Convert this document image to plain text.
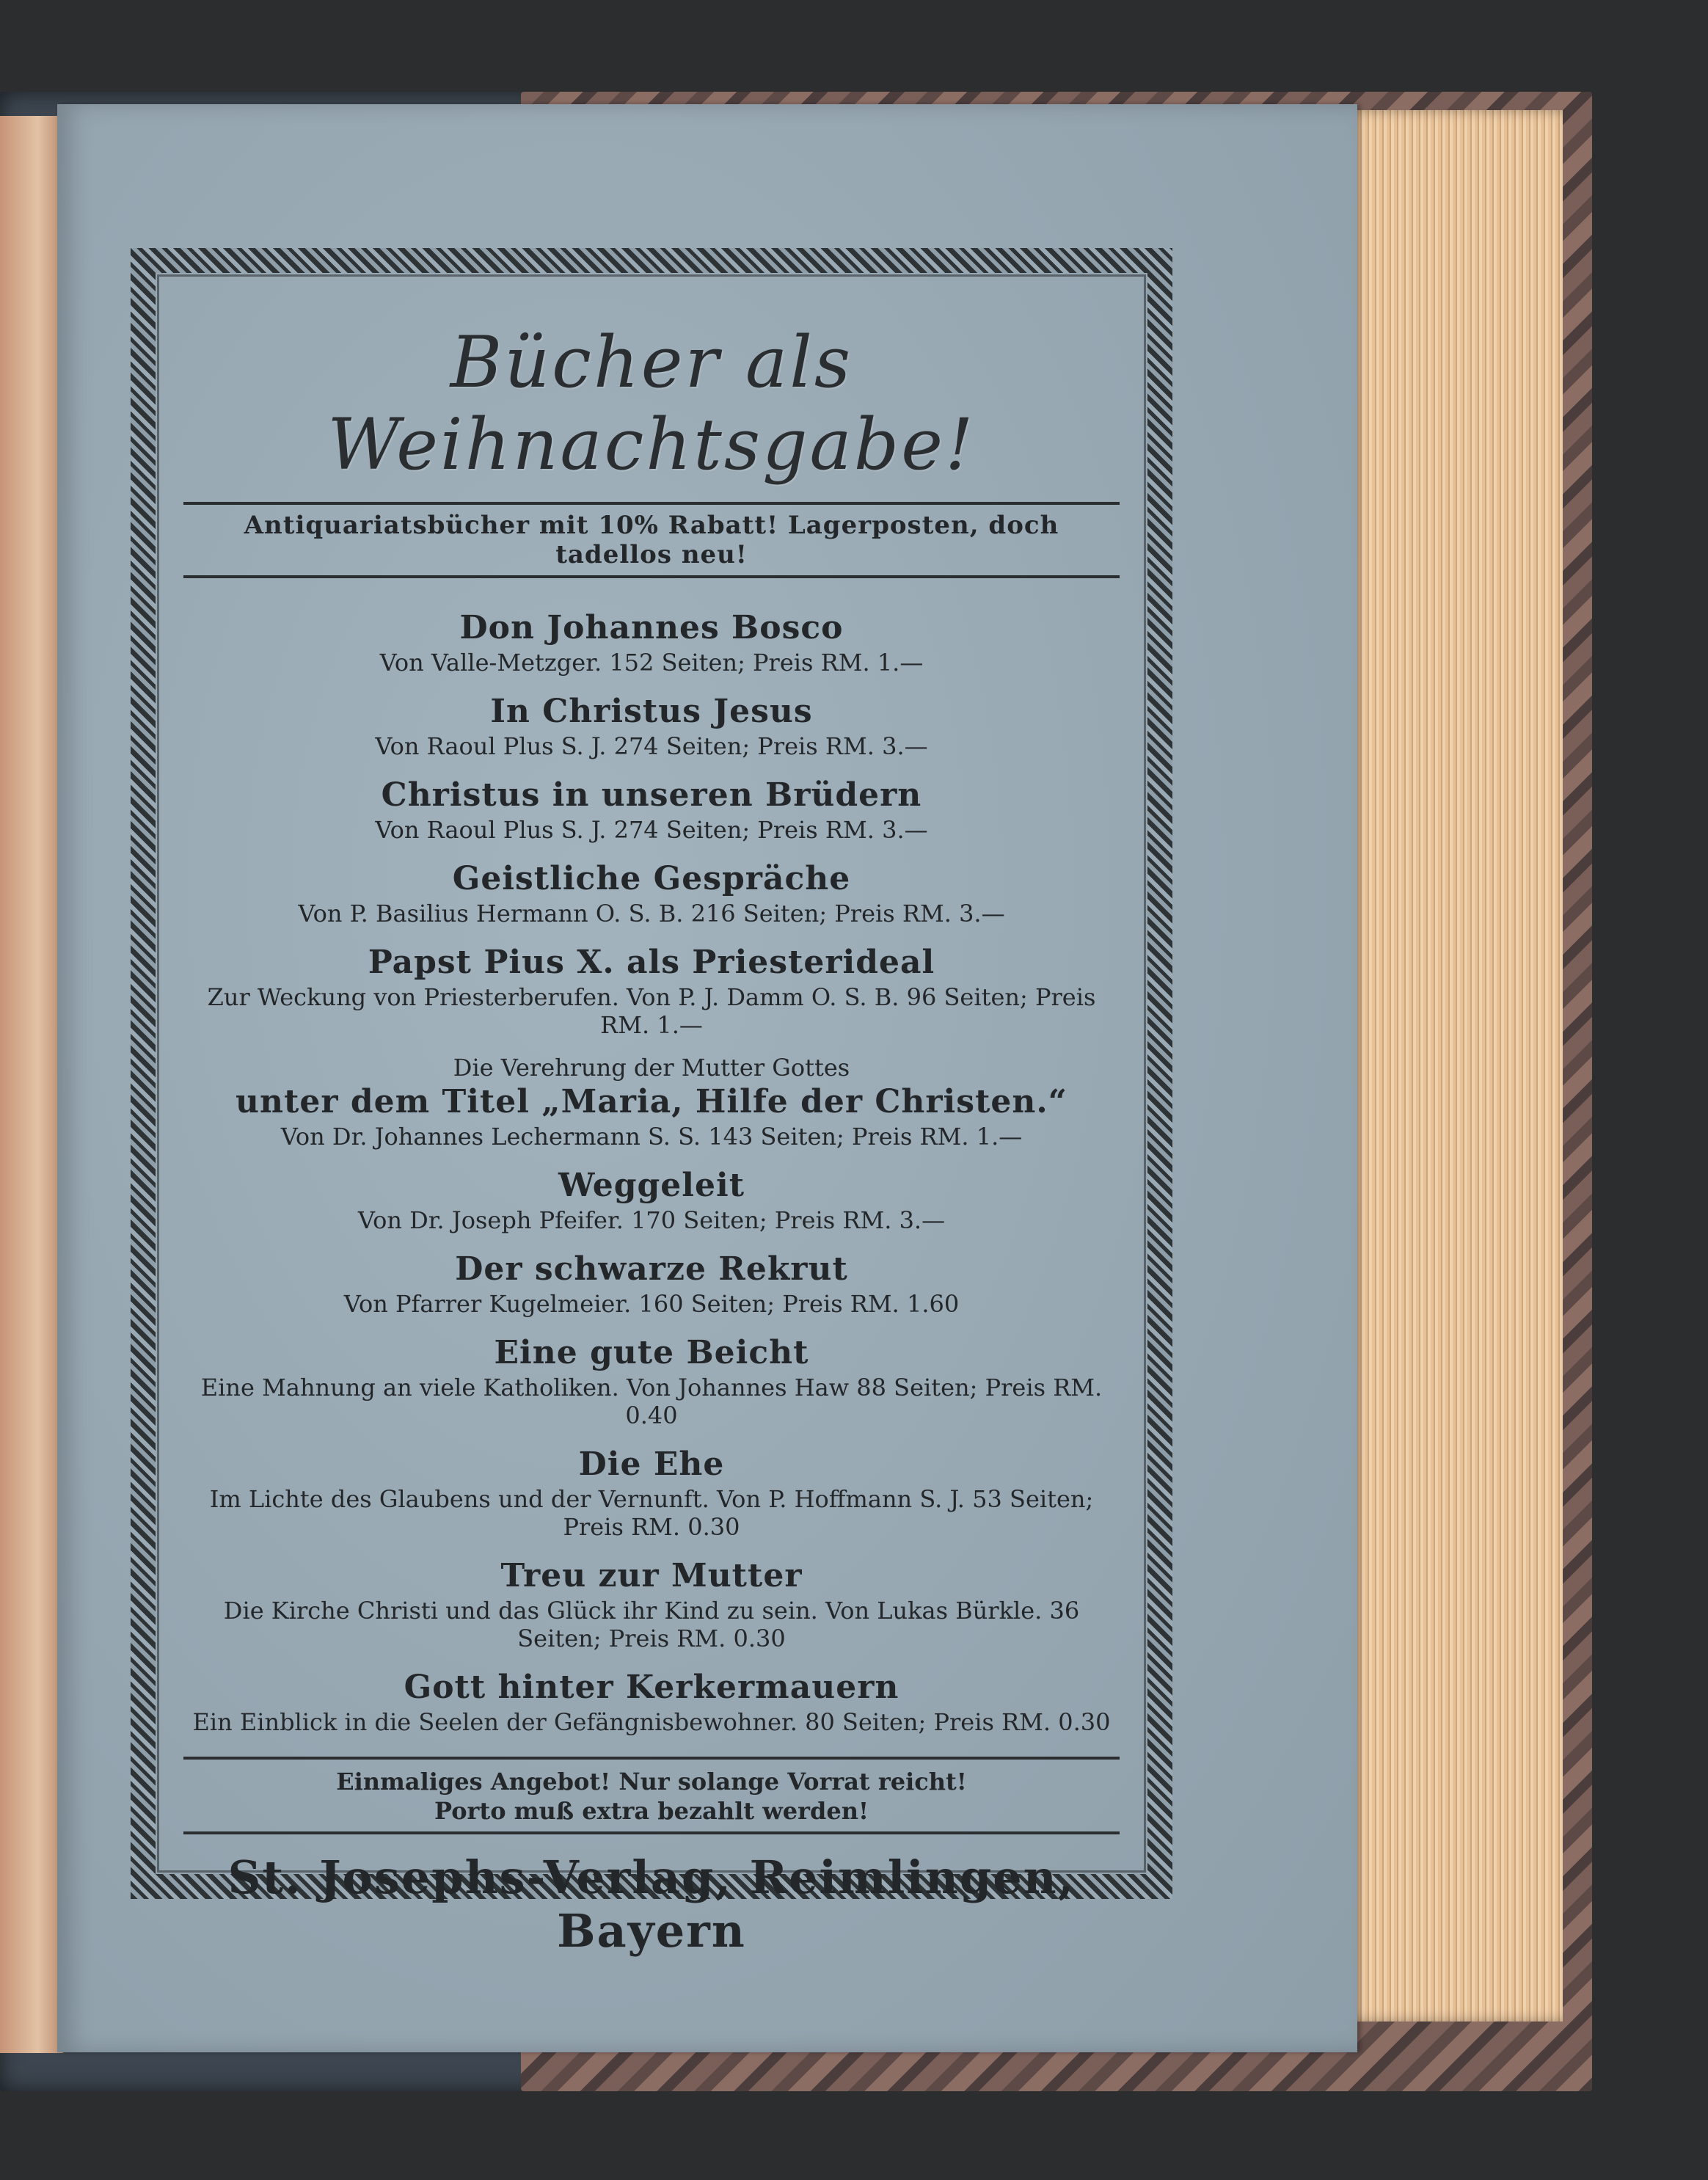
Bücher als Weihnachtsgabe!
Antiquariatsbücher mit 10% Rabatt! Lagerposten, doch tadellos neu!
Don Johannes Bosco
Von Valle-Metzger. 152 Seiten; Preis RM. 1.—
In Christus Jesus
Von Raoul Plus S. J. 274 Seiten; Preis RM. 3.—
Christus in unseren Brüdern
Von Raoul Plus S. J. 274 Seiten; Preis RM. 3.—
Geistliche Gespräche
Von P. Basilius Hermann O. S. B. 216 Seiten; Preis RM. 3.—
Papst Pius X. als Priesterideal
Zur Weckung von Priesterberufen. Von P. J. Damm O. S. B. 96 Seiten; Preis RM. 1.—
Die Verehrung der Mutter Gottes
unter dem Titel „Maria, Hilfe der Christen.“
Von Dr. Johannes Lechermann S. S. 143 Seiten; Preis RM. 1.—
Weggeleit
Von Dr. Joseph Pfeifer. 170 Seiten; Preis RM. 3.—
Der schwarze Rekrut
Von Pfarrer Kugelmeier. 160 Seiten; Preis RM. 1.60
Eine gute Beicht
Eine Mahnung an viele Katholiken. Von Johannes Haw 88 Seiten; Preis RM. 0.40
Die Ehe
Im Lichte des Glaubens und der Vernunft. Von P. Hoffmann S. J. 53 Seiten; Preis RM. 0.30
Treu zur Mutter
Die Kirche Christi und das Glück ihr Kind zu sein. Von Lukas Bürkle. 36 Seiten; Preis RM. 0.30
Gott hinter Kerkermauern
Ein Einblick in die Seelen der Gefängnisbewohner. 80 Seiten; Preis RM. 0.30
Einmaliges Angebot! Nur solange Vorrat reicht!
Porto muß extra bezahlt werden!
St. Josephs-Verlag, Reimlingen, Bayern
